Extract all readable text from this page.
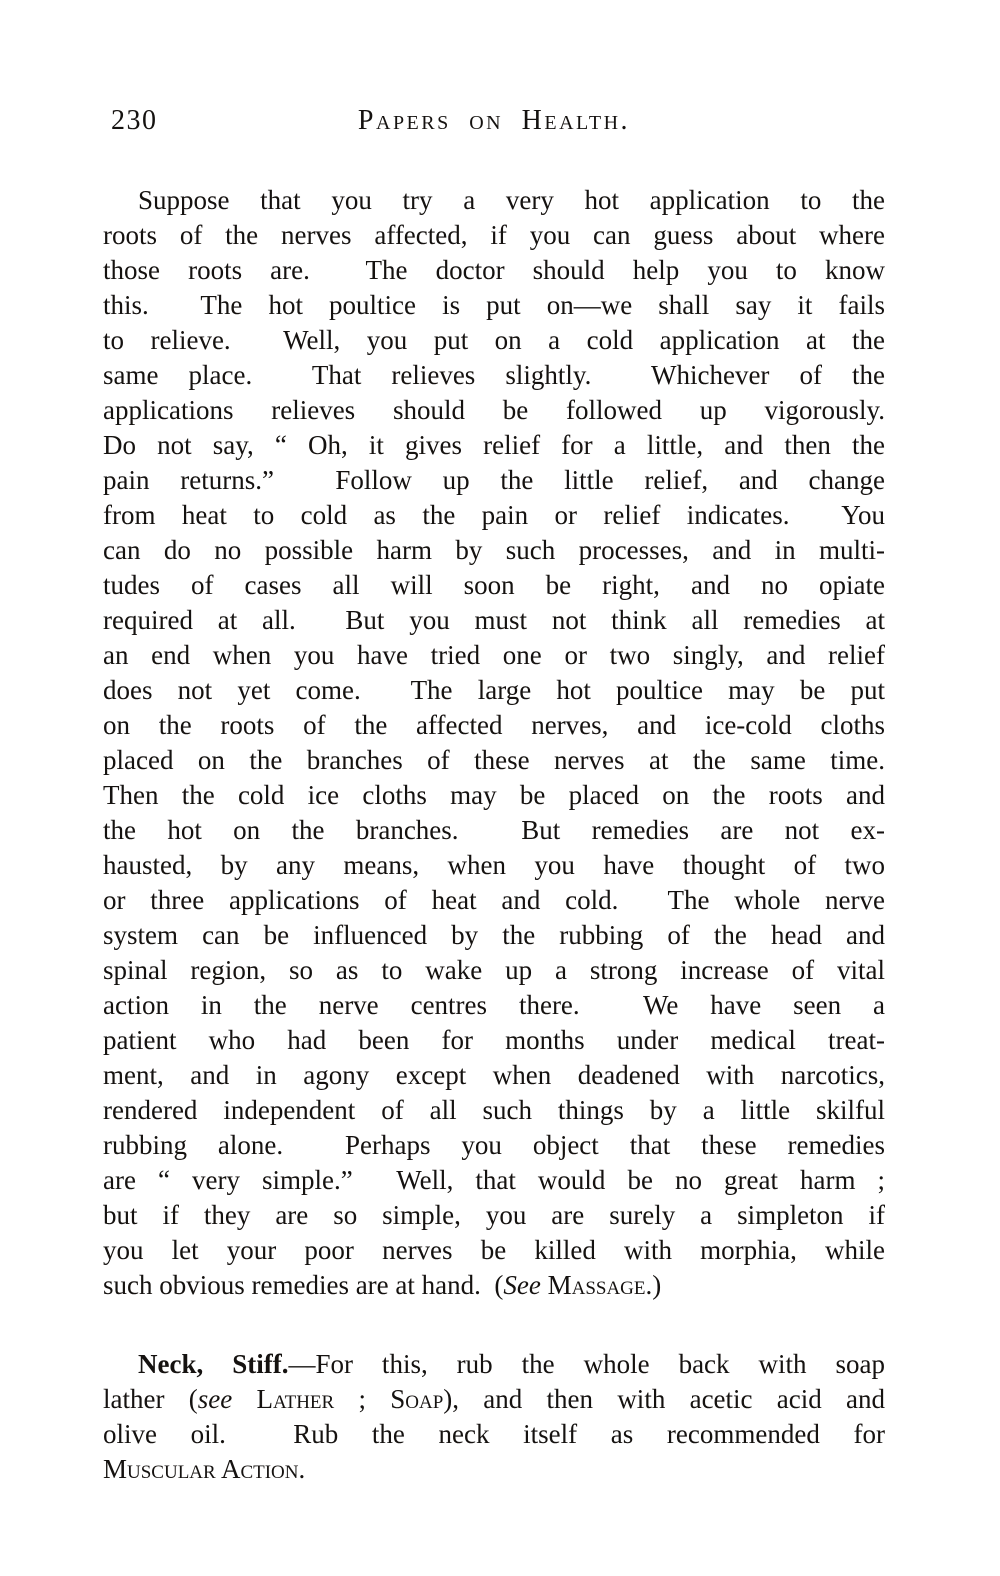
230	Papers on Health.
Suppose that you try a very hot application to the
roots of the nerves affected, if you can guess about where
those roots are.  The doctor should help you to know
this.  The hot poultice is put on—we shall say it fails
to relieve.  Well, you put on a cold application at the
same place.  That relieves slightly.  Whichever of the
applications relieves should be followed up vigorously.
Do not say, “ Oh, it gives relief for a little, and then the
pain returns.”  Follow up the little relief, and change
from heat to cold as the pain or relief indicates.  You
can do no possible harm by such processes, and in multi-
tudes of cases all will soon be right, and no opiate
required at all.  But you must not think all remedies at
an end when you have tried one or two singly, and relief
does not yet come.  The large hot poultice may be put
on the roots of the affected nerves, and ice-cold cloths
placed on the branches of these nerves at the same time.
Then the cold ice cloths may be placed on the roots and
the hot on the branches.  But remedies are not ex-
hausted, by any means, when you have thought of two
or three applications of heat and cold.  The whole nerve
system can be influenced by the rubbing of the head and
spinal region, so as to wake up a strong increase of vital
action in the nerve centres there.  We have seen a
patient who had been for months under medical treat-
ment, and in agony except when deadened with narcotics,
rendered independent of all such things by a little skilful
rubbing alone.  Perhaps you object that these remedies
are “ very simple.”  Well, that would be no great harm ;
but if they are so simple, you are surely a simpleton if
you let your poor nerves be killed with morphia, while
such obvious remedies are at hand.  (See Massage.)
Neck, Stiff.—For this, rub the whole back with soap
lather (see Lather ; Soap), and then with acetic acid and
olive oil.  Rub the neck itself as recommended for
Muscular Action.
